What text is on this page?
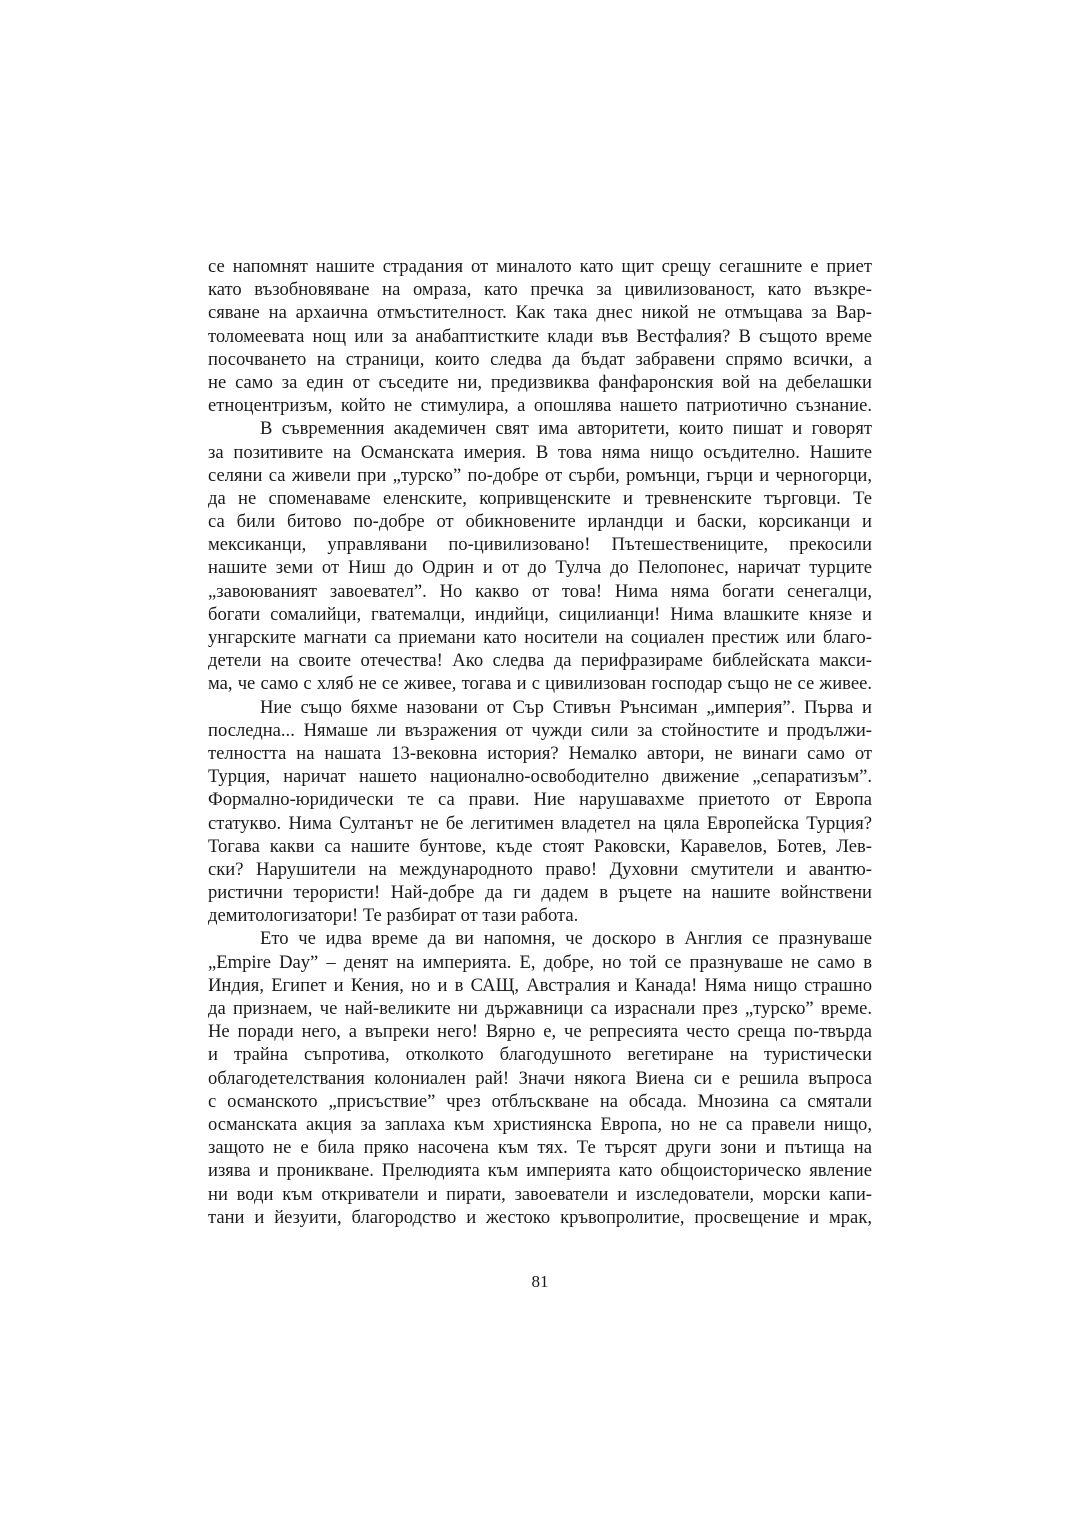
се напомнят нашите страдания от миналото като щит срещу сегашните е приет
като възобновяване на омраза, като пречка за цивилизованост, като възкре-
сяване на архаична отмъстителност. Как така днес никой не отмъщава за Вар-
толомеевата нощ или за анабаптистките клади във Вестфалия? В същото време
посочването на страници, които следва да бъдат забравени спрямо всички, а
не само за един от съседите ни, предизвиква фанфаронския вой на дебелашки
етноцентризъм, който не стимулира, а опошлява нашето патриотично съзнание.
В съвременния академичен свят има авторитети, които пишат и говорят
за позитивите на Османската имерия. В това няма нищо осъдително. Нашите
селяни са живели при „турско” по-добре от сърби, ромънци, гърци и черногорци,
да не споменаваме еленските, копривщенските и тревненските търговци. Те
са били битово по-добре от обикновените ирландци и баски, корсиканци и
мексиканци, управлявани по-цивилизовано! Пътешествениците, прекосили
нашите земи от Ниш до Одрин и от до Тулча до Пелопонес, наричат турците
„завоюваният завоевател”. Но какво от това! Нима няма богати сенегалци,
богати сомалийци, гватемалци, индийци, сицилианци! Нима влашките князе и
унгарските магнати са приемани като носители на социален престиж или благо-
детели на своите отечества! Ако следва да перифразираме библейската макси-
ма, че само с хляб не се живее, тогава и с цивилизован господар също не се живее.
Ние също бяхме назовани от Сър Стивън Рънсиман „империя”. Първа и
последна... Нямаше ли възражения от чужди сили за стойностите и продължи-
телността на нашата 13-вековна история? Немалко автори, не винаги само от
Турция, наричат нашето национално-освободително движение „сепаратизъм”.
Формално-юридически те са прави. Ние нарушавахме приетото от Европа
статукво. Нима Султанът не бе легитимен владетел на цяла Европейска Турция?
Тогава какви са нашите бунтове, къде стоят Раковски, Каравелов, Ботев, Лев-
ски? Нарушители на международното право! Духовни смутители и авантю-
ристични терористи! Най-добре да ги дадем в ръцете на нашите войнствени
демитологизатори! Те разбират от тази работа.
Ето че идва време да ви напомня, че доскоро в Англия се празнуваше
„Empire Day” – денят на империята. Е, добре, но той се празнуваше не само в
Индия, Египет и Кения, но и в САЩ, Австралия и Канада! Няма нищо страшно
да признаем, че най-великите ни държавници са израснали през „турско” време.
Не поради него, а въпреки него! Вярно е, че репресията често среща по-твърда
и трайна съпротива, отколкото благодушното вегетиране на туристически
облагодетелствания колониален рай! Значи някога Виена си е решила въпроса
с османското „присъствие” чрез отблъскване на обсада. Мнозина са смятали
османската акция за заплаха към християнска Европа, но не са правели нищо,
защото не е била пряко насочена към тях. Те търсят други зони и пътища на
изява и проникване. Прелюдията към империята като общоисторическо явление
ни води към откриватели и пирати, завоеватели и изследователи, морски капи-
тани и йезуити, благородство и жестоко кръвопролитие, просвещение и мрак,
81
